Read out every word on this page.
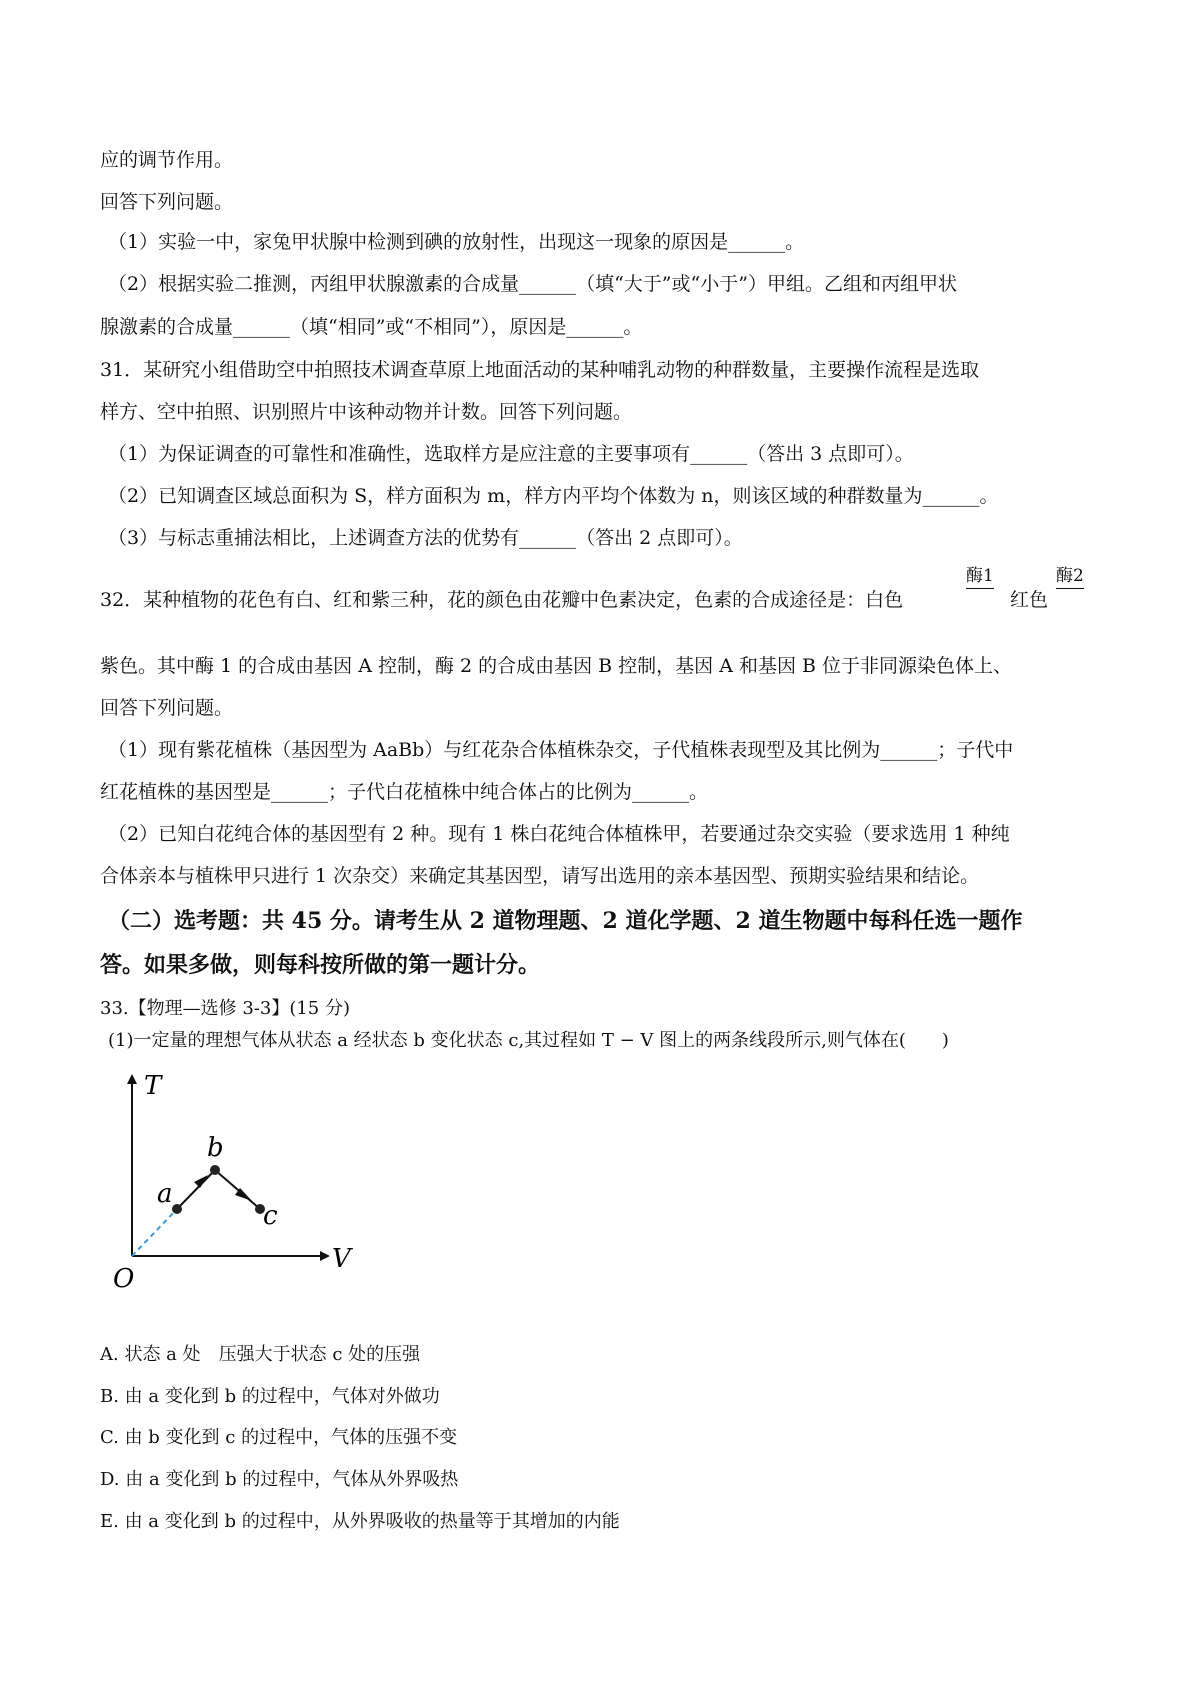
应的调节作用。
回答下列问题。
（1）实验一中，家兔甲状腺中检测到碘的放射性，出现这一现象的原因是______。
（2）根据实验二推测，丙组甲状腺激素的合成量______（填“大于”或“小于”）甲组。乙组和丙组甲状
腺激素的合成量______（填“相同”或“不相同”），原因是______。
31．某研究小组借助空中拍照技术调查草原上地面活动的某种哺乳动物的种群数量，主要操作流程是选取
样方、空中拍照、识别照片中该种动物并计数。回答下列问题。
（1）为保证调查的可靠性和准确性，选取样方是应注意的主要事项有______（答出 3 点即可）。
（2）已知调查区域总面积为 S，样方面积为 m，样方内平均个体数为 n，则该区域的种群数量为______。
（3）与标志重捕法相比，上述调查方法的优势有______（答出 2 点即可）。
32．某种植物的花色有白、红和紫三种，花的颜色由花瓣中色素决定，色素的合成途径是：白色
酶1
红色
酶2
紫色。其中酶 1 的合成由基因 A 控制，酶 2 的合成由基因 B 控制，基因 A 和基因 B 位于非同源染色体上、
回答下列问题。
（1）现有紫花植株（基因型为 AaBb）与红花杂合体植株杂交，子代植株表现型及其比例为______；子代中
红花植株的基因型是______；子代白花植株中纯合体占的比例为______。
（2）已知白花纯合体的基因型有 2 种。现有 1 株白花纯合体植株甲，若要通过杂交实验（要求选用 1 种纯
合体亲本与植株甲只进行 1 次杂交）来确定其基因型，请写出选用的亲本基因型、预期实验结果和结论。
（二）选考题：共 45 分。请考生从 2 道物理题、2 道化学题、2 道生物题中每科任选一题作
答。如果多做，则每科按所做的第一题计分。
33.【物理—选修 3-3】(15 分)
(1)一定量的理想气体从状态 a 经状态 b 变化状态 c,其过程如 T − V 图上的两条线段所示,则气体在(　　)
T
V
O
a
b
c
A. 状态 a 处　压强大于状态 c 处的压强
B. 由 a 变化到 b 的过程中，气体对外做功
C. 由 b 变化到 c 的过程中，气体的压强不变
D. 由 a 变化到 b 的过程中，气体从外界吸热
E. 由 a 变化到 b 的过程中，从外界吸收的热量等于其增加的内能
